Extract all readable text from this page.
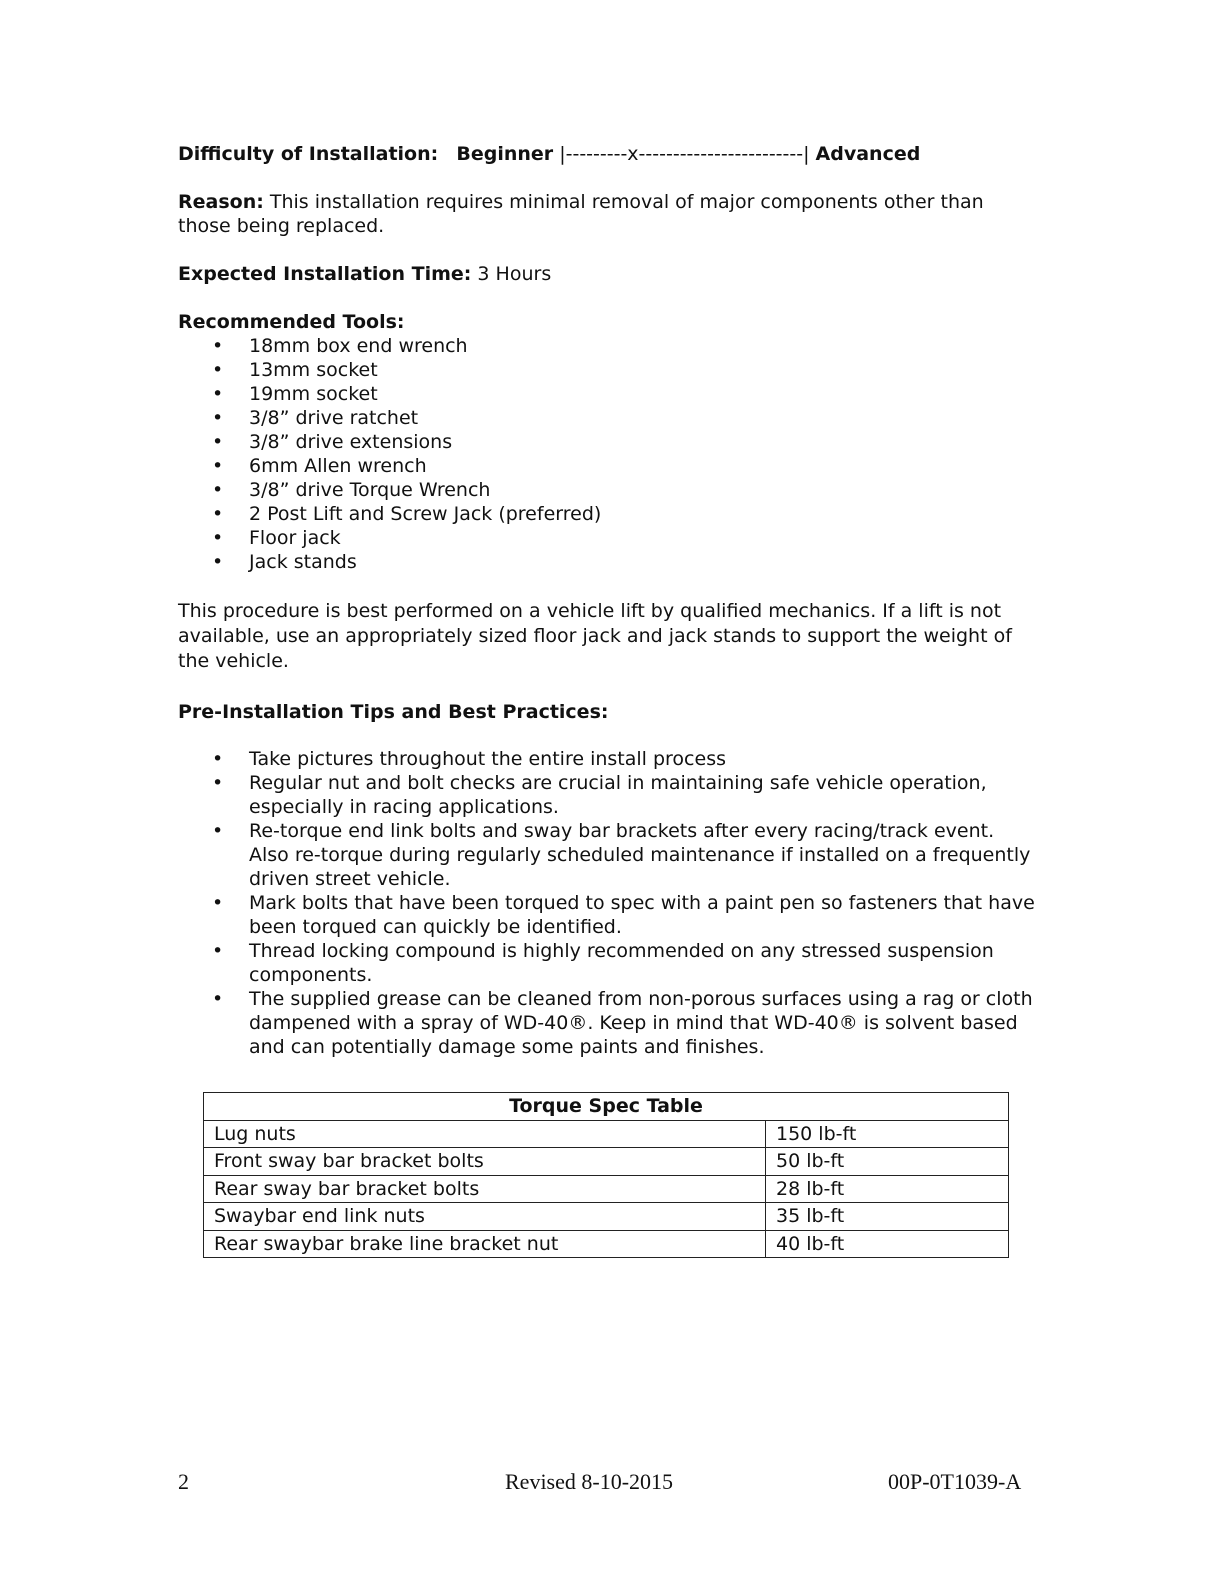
Difficulty of Installation: Beginner |---------x------------------------| Advanced

Reason: This installation requires minimal removal of major components other than those being replaced.

Expected Installation Time: 3 Hours

Recommended Tools:

• 18mm box end wrench
• 13mm socket
• 19mm socket
• 3/8” drive ratchet
• 3/8” drive extensions
• 6mm Allen wrench
• 3/8” drive Torque Wrench
• 2 Post Lift and Screw Jack (preferred)
• Floor jack
• Jack stands

This procedure is best performed on a vehicle lift by qualified mechanics. If a lift is not available, use an appropriately sized floor jack and jack stands to support the weight of the vehicle.

Pre-Installation Tips and Best Practices:

• Take pictures throughout the entire install process
• Regular nut and bolt checks are crucial in maintaining safe vehicle operation, especially in racing applications.
• Re-torque end link bolts and sway bar brackets after every racing/track event. Also re-torque during regularly scheduled maintenance if installed on a frequently driven street vehicle.
• Mark bolts that have been torqued to spec with a paint pen so fasteners that have been torqued can quickly be identified.
• Thread locking compound is highly recommended on any stressed suspension components.
• The supplied grease can be cleaned from non-porous surfaces using a rag or cloth dampened with a spray of WD-40®. Keep in mind that WD-40® is solvent based and can potentially damage some paints and finishes.
Torque Spec Table	
Lug nuts	150 lb-ft
Front sway bar bracket bolts	50 lb-ft
Rear sway bar bracket bolts	28 lb-ft
Swaybar end link nuts	35 lb-ft
Rear swaybar brake line bracket nut	40 lb-ft
2	Revised 8-10-2015	00P-0T1039-A
